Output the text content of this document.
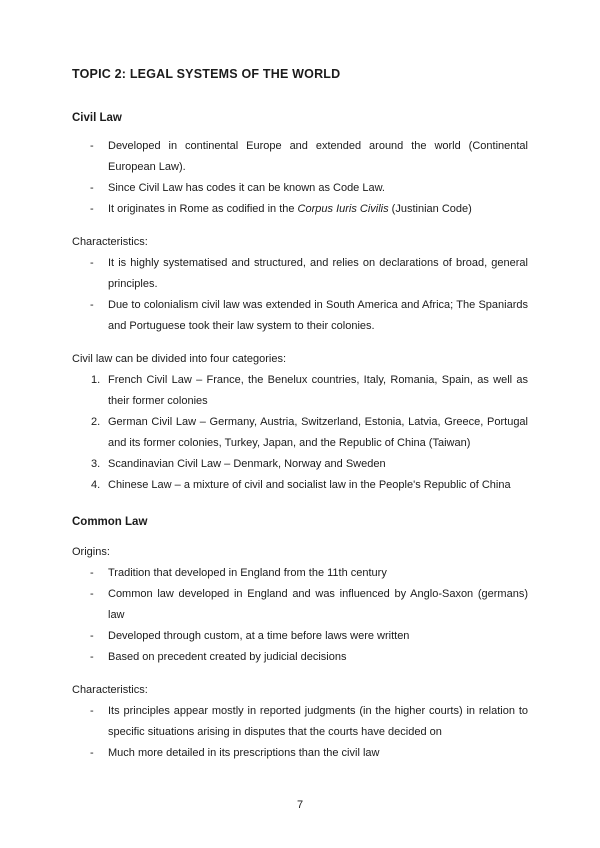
TOPIC 2: LEGAL SYSTEMS OF THE WORLD
Civil Law
- Developed in continental Europe and extended around the world (Continental European Law).
- Since Civil Law has codes it can be known as Code Law.
- It originates in Rome as codified in the Corpus Iuris Civilis (Justinian Code)

Characteristics:

- It is highly systematised and structured, and relies on declarations of broad, general principles.
- Due to colonialism civil law was extended in South America and Africa; The Spaniards and Portuguese took their law system to their colonies.

Civil law can be divided into four categories:

French Civil Law – France, the Benelux countries, Italy, Romania, Spain, as well as their former colonies
German Civil Law – Germany, Austria, Switzerland, Estonia, Latvia, Greece, Portugal and its former colonies, Turkey, Japan, and the Republic of China (Taiwan)
Scandinavian Civil Law – Denmark, Norway and Sweden
Chinese Law – a mixture of civil and socialist law in the People's Republic of China
Common Law

Origins:

- Tradition that developed in England from the 11th century
- Common law developed in England and was influenced by Anglo-Saxon (germans) law
- Developed through custom, at a time before laws were written
- Based on precedent created by judicial decisions

Characteristics:

- Its principles appear mostly in reported judgments (in the higher courts) in relation to specific situations arising in disputes that the courts have decided on
- Much more detailed in its prescriptions than the civil law
7
